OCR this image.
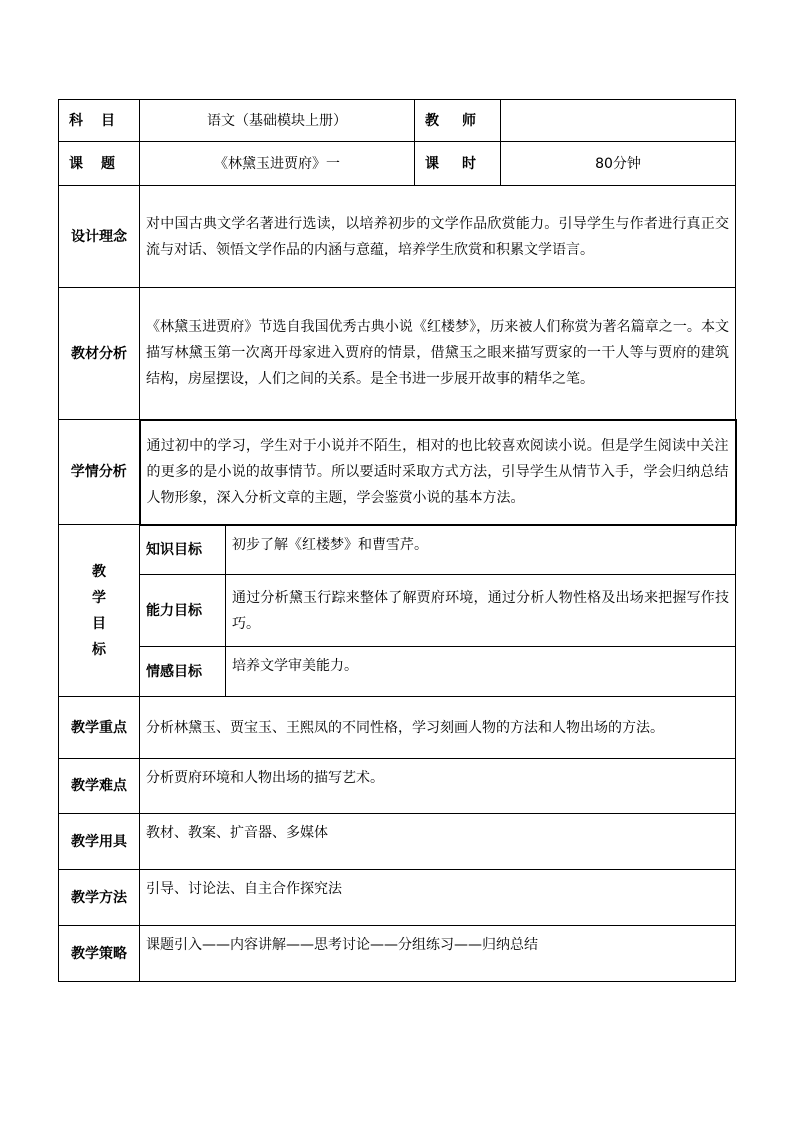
科 目	语文（基础模块上册）		教 师	

课 题	《林黛玉进贾府》一		课 时	80分钟
设计理念	对中国古典文学名著进行选读，以培养初步的文学作品欣赏能力。引导学生与作者进行真正交流与对话、领悟文学作品的内涵与意蕴，培养学生欣赏和积累文学语言。			
教材分析	《林黛玉进贾府》节选自我国优秀古典小说《红楼梦》，历来被人们称赏为著名篇章之一。本文描写林黛玉第一次离开母家进入贾府的情景，借黛玉之眼来描写贾家的一干人等与贾府的建筑结构，房屋摆设，人们之间的关系。是全书进一步展开故事的精华之笔。			
学情分析	通过初中的学习，学生对于小说并不陌生，相对的也比较喜欢阅读小说。但是学生阅读中关注的更多的是小说的故事情节。所以要适时采取方式方法，引导学生从情节入手，学会归纳总结人物形象，深入分析文章的主题，学会鉴赏小说的基本方法。			

教
学
目
标	知识目标	初步了解《红楼梦》和曹雪芹。		
	能力目标	通过分析黛玉行踪来整体了解贾府环境，通过分析人物性格及出场来把握写作技巧。		
	情感目标	培养文学审美能力。		
教学重点	分析林黛玉、贾宝玉、王熙凤的不同性格，学习刻画人物的方法和人物出场的方法。			
教学难点	分析贾府环境和人物出场的描写艺术。			
教学用具	教材、教案、扩音器、多媒体			
教学方法	引导、讨论法、自主合作探究法			
教学策略	课题引入——内容讲解——思考讨论——分组练习——归纳总结			
